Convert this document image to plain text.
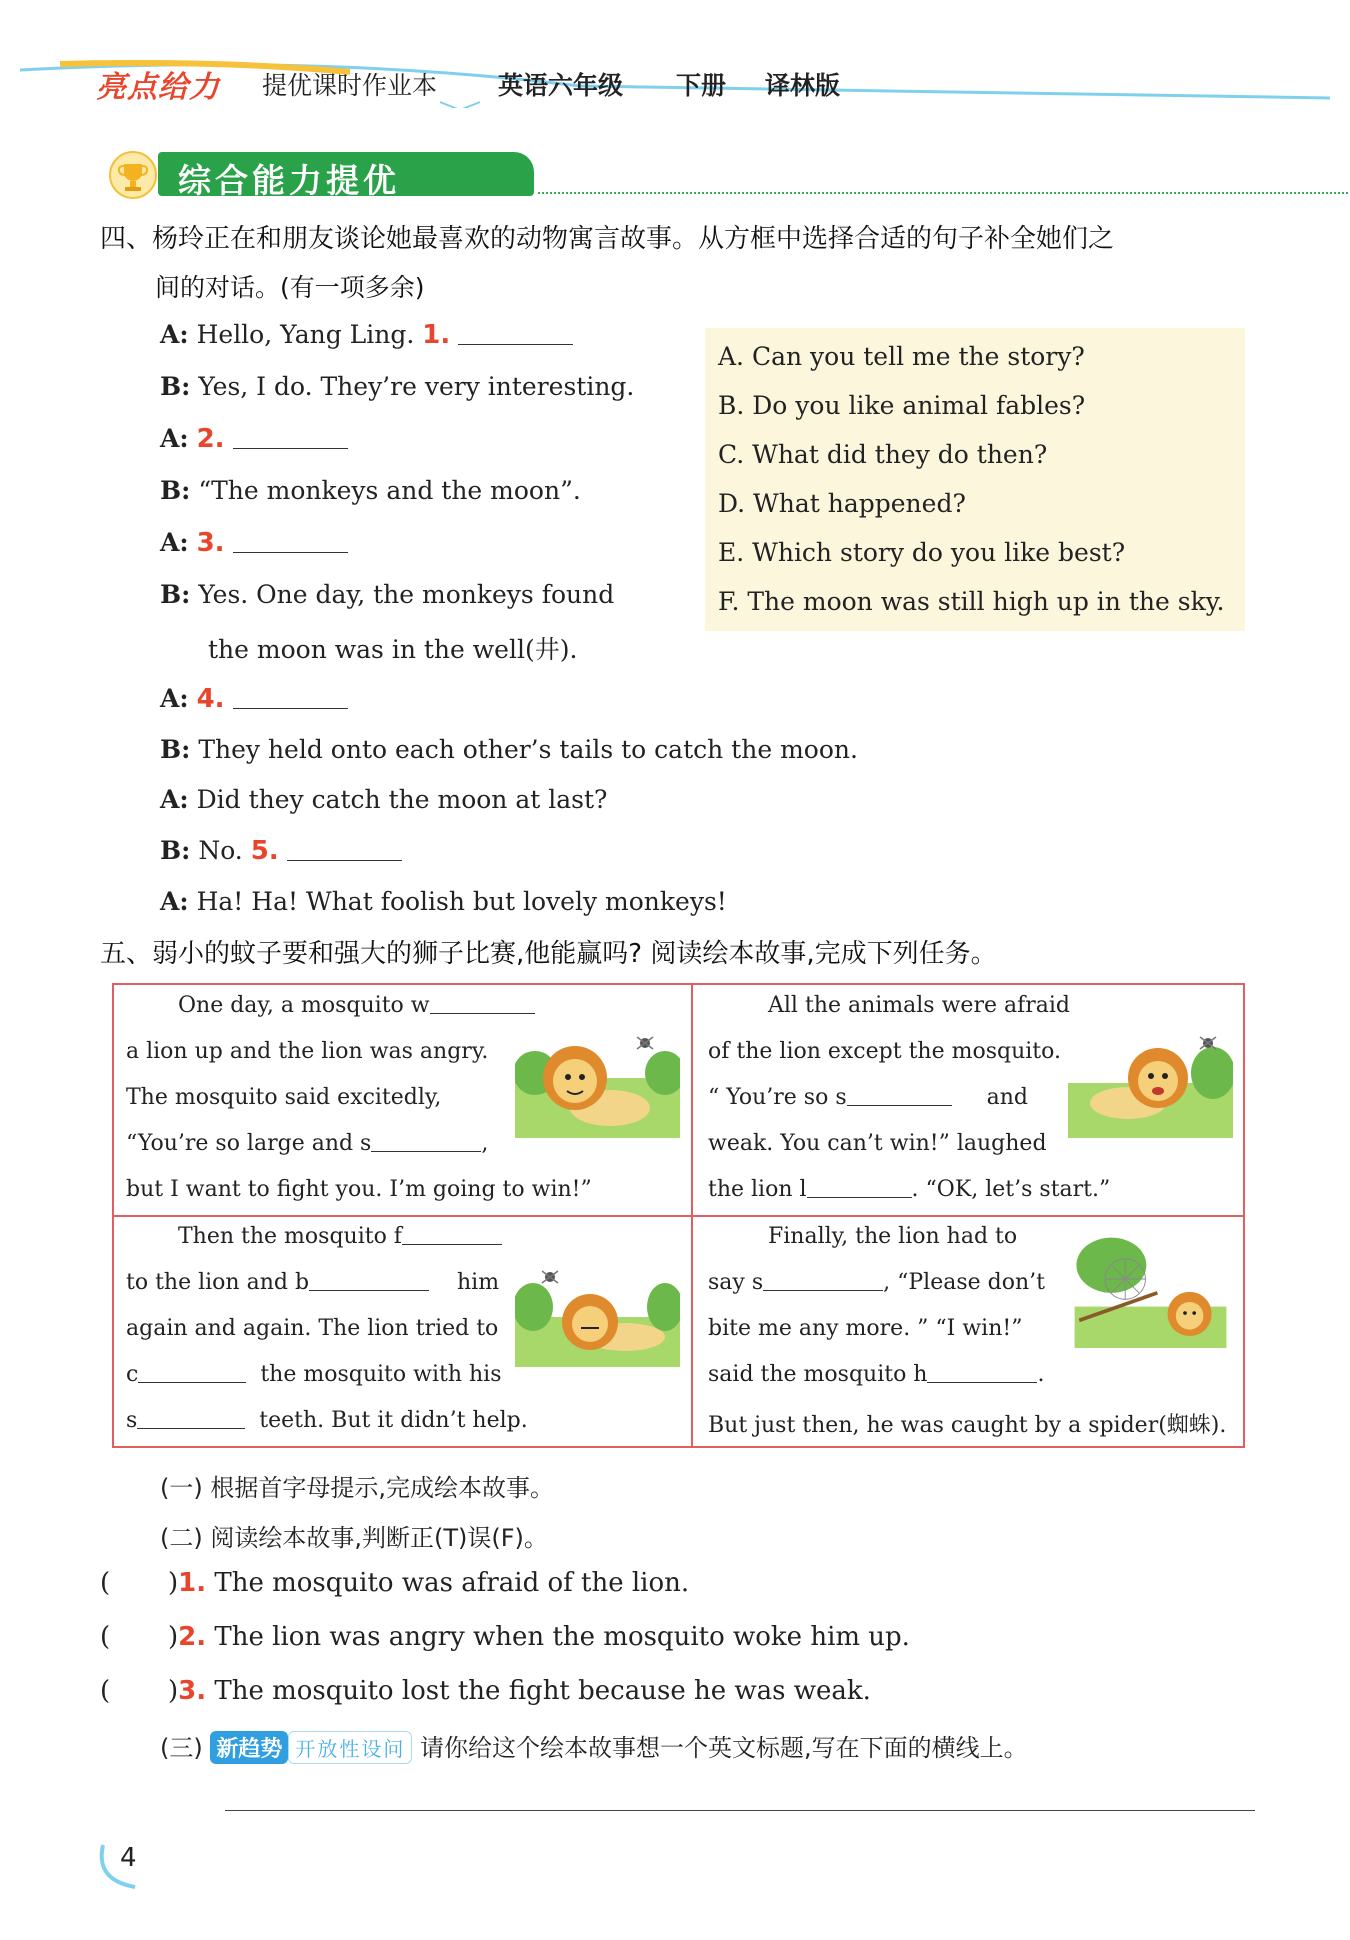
亮点给力 提优课时作业本 英语六年级 下册 译林版
综合能力提优
四、杨玲正在和朋友谈论她最喜欢的动物寓言故事。从方框中选择合适的句子补全她们之
间的对话。(有一项多余)
A: Hello, Yang Ling. 1.
B: Yes, I do. They’re very interesting.
A: 2.
B: “The monkeys and the moon”.
A: 3.
B: Yes. One day, the monkeys found
the moon was in the well(井).
A: 4.
B: They held onto each other’s tails to catch the moon.
A: Did they catch the moon at last?
B: No. 5.
A: Ha! Ha! What foolish but lovely monkeys!
A. Can you tell me the story?
B. Do you like animal fables?
C. What did they do then?
D. What happened?
E. Which story do you like best?
F. The moon was still high up in the sky.
五、弱小的蚊子要和强大的狮子比赛,他能赢吗? 阅读绘本故事,完成下列任务。
One day, a mosquito w
a lion up and the lion was angry.
The mosquito said excitedly,
“You’re so large and s	,
but I want to fight you. I’m going to win!”
All the animals were afraid
of the lion except the mosquito.
“ You’re so s	and
weak. You can’t win!” laughed
the lion l	. “OK, let’s start.”
Then the mosquito f
to the lion and b	him
again and again. The lion tried to
c	the mosquito with his
s	teeth. But it didn’t help.
Finally, the lion had to
say s	, “Please don’t
bite me any more. ” “I win!”
said the mosquito h	.
But just then, he was caught by a spider(蜘蛛).
(一) 根据首字母提示,完成绘本故事。
(二) 阅读绘本故事,判断正(T)误(F)。
(       )1. The mosquito was afraid of the lion.
(       )2. The lion was angry when the mosquito woke him up.
(       )3. The mosquito lost the fight because he was weak.
(三) 新趋势 开放性设问 请你给这个绘本故事想一个英文标题,写在下面的横线上。
4
